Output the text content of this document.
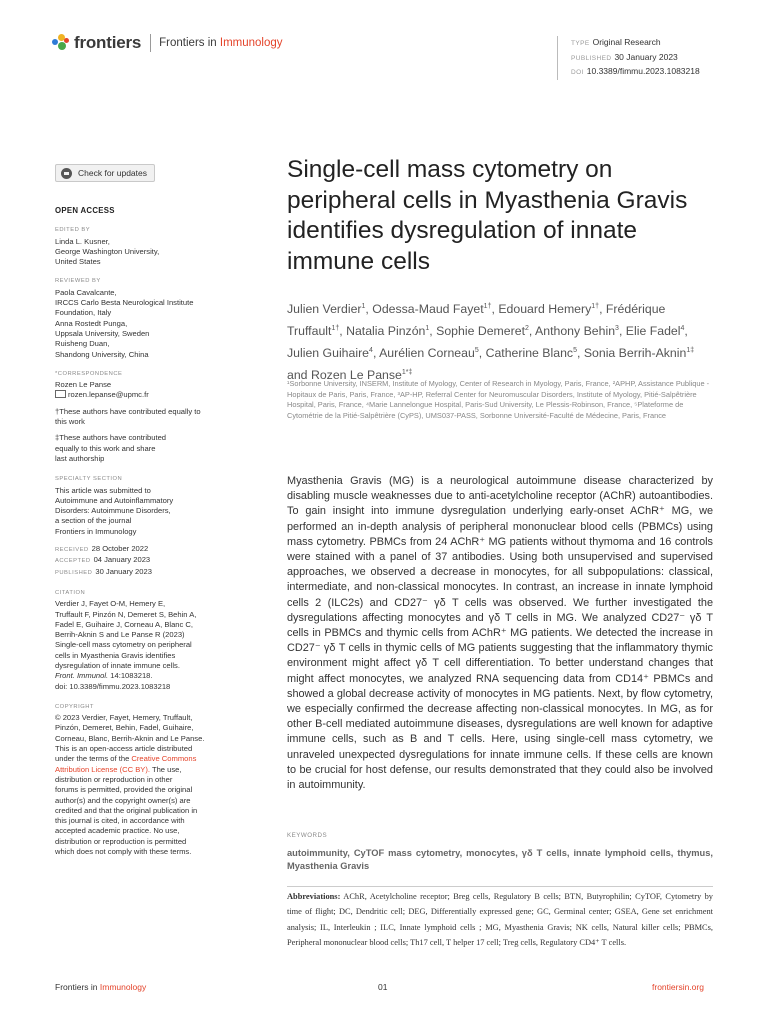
frontiers Frontiers in Immunology	TYPE Original Research
PUBLISHED 30 January 2023
DOI 10.3389/fimmu.2023.1083218
Check for updates
OPEN ACCESS
EDITED BY
Linda L. Kusner,
George Washington University,
United States
REVIEWED BY
Paola Cavalcante,
IRCCS Carlo Besta Neurological Institute
Foundation, Italy
Anna Rostedt Punga,
Uppsala University, Sweden
Ruisheng Duan,
Shandong University, China
*CORRESPONDENCE
Rozen Le Panse
rozen.lepanse@upmc.fr
†These authors have contributed equally to
this work
‡These authors have contributed
equally to this work and share
last authorship
SPECIALTY SECTION
This article was submitted to
Autoimmune and Autoinflammatory
Disorders: Autoimmune Disorders,
a section of the journal
Frontiers in Immunology
RECEIVED 28 October 2022
ACCEPTED 04 January 2023
PUBLISHED 30 January 2023
CITATION
Verdier J, Fayet O-M, Hemery E,
Truffault F, Pinzón N, Demeret S, Behin A,
Fadel E, Guihaire J, Corneau A, Blanc C,
Berrih-Aknin S and Le Panse R (2023)
Single-cell mass cytometry on peripheral
cells in Myasthenia Gravis identifies
dysregulation of innate immune cells.
Front. Immunol. 14:1083218.
doi: 10.3389/fimmu.2023.1083218
COPYRIGHT
© 2023 Verdier, Fayet, Hemery, Truffault,
Pinzón, Demeret, Behin, Fadel, Guihaire,
Corneau, Blanc, Berrih-Aknin and Le Panse.
This is an open-access article distributed
under the terms of the Creative Commons
Attribution License (CC BY). The use,
distribution or reproduction in other
forums is permitted, provided the original
author(s) and the copyright owner(s) are
credited and that the original publication in
this journal is cited, in accordance with
accepted academic practice. No use,
distribution or reproduction is permitted
which does not comply with these terms.
Single-cell mass cytometry on peripheral cells in Myasthenia Gravis identifies dysregulation of innate immune cells
Julien Verdier$^1$, Odessa-Maud Fayet$^{1\dagger}$, Edouard Hemery$^{1\dagger}$, Frédérique Truffault$^{1\dagger}$, Natalia Pinzón$^1$, Sophie Demeret$^2$, Anthony Behin$^3$, Elie Fadel$^4$, Julien Guihaire$^4$, Aurélien Corneau$^5$, Catherine Blanc$^5$, Sonia Berrih-Aknin$^{1\ddagger}$ and Rozen Le Panse$^{1*\ddagger}$
¹Sorbonne University, INSERM, Institute of Myology, Center of Research in Myology, Paris, France, ²APHP, Assistance Publique - Hopitaux de Paris, Paris, France, ³AP-HP, Referral Center for Neuromuscular Disorders, Institute of Myology, Pitié-Salpêtrière Hospital, Paris, France, ⁴Marie Lannelongue Hospital, Paris-Sud University, Le Plessis-Robinson, France, ⁵Plateforme de Cytométrie de la Pitié-Salpêtrière (CyPS), UMS037-PASS, Sorbonne Université-Faculté de Médecine, Paris, France
Myasthenia Gravis (MG) is a neurological autoimmune disease characterized by disabling muscle weaknesses due to anti-acetylcholine receptor (AChR) autoantibodies. To gain insight into immune dysregulation underlying early-onset AChR⁺ MG, we performed an in-depth analysis of peripheral mononuclear blood cells (PBMCs) using mass cytometry. PBMCs from 24 AChR⁺ MG patients without thymoma and 16 controls were stained with a panel of 37 antibodies. Using both unsupervised and supervised approaches, we observed a decrease in monocytes, for all subpopulations: classical, intermediate, and non-classical monocytes. In contrast, an increase in innate lymphoid cells 2 (ILC2s) and CD27⁻ γδ T cells was observed. We further investigated the dysregulations affecting monocytes and γδ T cells in MG. We analyzed CD27⁻ γδ T cells in PBMCs and thymic cells from AChR⁺ MG patients. We detected the increase in CD27⁻ γδ T cells in thymic cells of MG patients suggesting that the inflammatory thymic environment might affect γδ T cell differentiation. To better understand changes that might affect monocytes, we analyzed RNA sequencing data from CD14⁺ PBMCs and showed a global decrease activity of monocytes in MG patients. Next, by flow cytometry, we especially confirmed the decrease affecting non-classical monocytes. In MG, as for other B-cell mediated autoimmune diseases, dysregulations are well known for adaptive immune cells, such as B and T cells. Here, using single-cell mass cytometry, we unraveled unexpected dysregulations for innate immune cells. If these cells are known to be crucial for host defense, our results demonstrated that they could also be involved in autoimmunity.
KEYWORDS
autoimmunity, CyTOF mass cytometry, monocytes, γδ T cells, innate lymphoid cells, thymus, Myasthenia Gravis
Abbreviations: AChR, Acetylcholine receptor; Breg cells, Regulatory B cells; BTN, Butyrophilin; CyTOF, Cytometry by time of flight; DC, Dendritic cell; DEG, Differentially expressed gene; GC, Germinal center; GSEA, Gene set enrichment analysis; IL, Interleukin ; ILC, Innate lymphoid cells ; MG, Myasthenia Gravis; NK cells, Natural killer cells; PBMCs, Peripheral mononuclear blood cells; Th17 cell, T helper 17 cell; Treg cells, Regulatory CD4⁺ T cells.
Frontiers in Immunology	01	frontiersin.org
